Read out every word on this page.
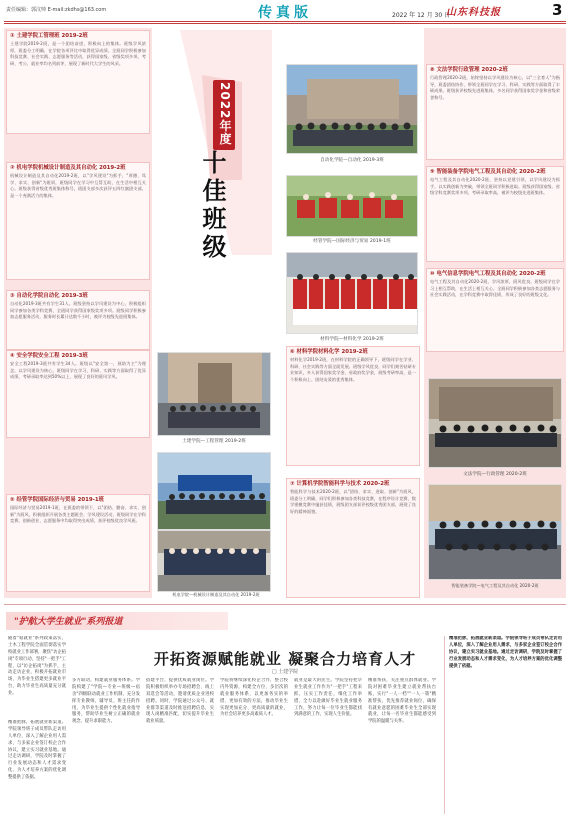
责任编辑：郭汶帅 E-mail:zkdhs@163.com	传真版	2022 年 12 月 30 日
山东科技报	3
① 土建学院工管理班 2019-2班
土建学院2019-2班，是一个团结奋进、积极向上的集体。班级学风浓厚，班委分工明确，在学院各项评比中取得优异成绩。全班同学积极参加科技竞赛、社会实践、志愿服务等活动，获得国家级、省级奖项多项。考研、考公、就业率均名列前茅，展现了新时代大学生的风采。
② 机电学院机械设计制造及其自动化 2019-2班
机械设计制造及其自动化2019-2班，以"学风建设"为抓手，"厚德、笃学、求实、创新"为班训，班级同学在学习中互帮互助，在生活中相互关心。班级获得省级优秀班集体称号，班团支部多次获评五四红旗团支部，是一个充满活力的集体。
③ 自动化学院自动化 2019-3班
自动化2019-3班共有学生31人。班级坚持以学风建设为中心，积极组织同学参加各类学科竞赛，全班同学获得国家级奖项多项。班级同学积极参加志愿服务活动，服务时长累计达数千小时，被评为校级先进班集体。
④ 安全学院安全工程 2019-3班
安全工程2019-3班共有学生34人。班级以"安全第一，预防为主"为理念，以学风建设为核心，班级同学在学习、科研、实践等方面取得了优异成绩，考研录取率达到50%以上，展现了良好的班风学风。
⑤ 经管学院国际经济与贸易 2019-1班
国际经济与贸易2019-1班，在班委的带领下，以"团结、勤奋、求实、创新"为班风，积极组织开展各类主题班会、学风建设活动，班级同学在学科竞赛、创新创业、志愿服务中均取得突出成绩，获评校级优良学风班。
2022年度
十佳班级
土建学院—工程管理 2019-2班
机电学院—机械设计制造及其自动化 2019-2班
自动化学院—自动化 2019-3班
经管学院—国际经济与贸易 2019-1班
材料学院—材料化学 2019-2班
⑥ 材料学院材料化学 2019-2班
材料化学2019-2班，在材料学院的正确领导下，班级同学在学业、科研、社会实践等方面全面发展。班级学风优良，同学们刻苦钻研专业知识，多人获得国家奖学金、省政府奖学金，班级考研率高，是一个积极向上、团结友爱的优秀集体。
⑦ 计算机学院智能科学与技术 2020-2班
智能科学与技术2020-2班，以"团结、求实、进取、创新"为班风，班委分工明确，同学们积极参加各类科技竞赛，在程序设计竞赛、数学建模竞赛中屡获佳绩，班级团支部获评校级优秀团支部，展现了良好的精神面貌。
⑧ 文法学院行政管理 2020-2班
行政管理2020-2班，始终坚持以学风建设为核心，以"三全育人"为指导，班委团结协作，带领全班同学在学习、科研、实践等方面取得了丰硕成果。班级获评校级先进班集体，多名同学获得国家奖学金和省级荣誉称号。
⑨ 智能装备学院电气工程及其自动化 2020-2班
电气工程及其自动化2020-2班，坚持以党建引领，以学风建设为抓手，以实践创新为突破，带领全班同学积极进取。班级获得国家级、省级学科竞赛奖项多项，考研录取率高，被评为校级先进班集体。
⑩ 电气信息学院电气工程及其自动化 2020-2班
电气工程及其自动化2020-2班，学风浓厚，班风优良。班级同学在学习上相互帮助，在生活上相互关心。全班同学积极参加各类志愿服务与社会实践活动，在学科竞赛中取得佳绩，形成了良好的班级文化。
文法学院—行政管理 2020-2班
智能装备学院—电气工程及其自动化 2020-2班
"护航大学生就业"系列报道
开拓资源赋能就业 凝聚合力培育人才
□ 土建学院
随着"稳就业"系列政策落实，土木工程学院全面贯彻落实学校就业工作部署，聚焦"访企拓岗"专项行动，坚持"一把手"工程，以"访企拓岗"为抓手，主动走访企业，积极开拓就业市场，为毕业生搭建更多就业平台，助力毕业生高质量充分就业。
精准把脉，拓展就业新渠道。学院领导班子成员带队走访用人单位，深入了解企业用人需求，与多家企业签订校企合作协议，建立实习就业基地。通过走访调研，学院及时掌握了行业发展动态和人才需求变化，为人才培养方案的优化调整提供了依据。
多方联动，构建就业服务体系。学院构建了"学院—专业—班级—宿舍"四级联动就业工作机制，充分发挥专业教师、辅导员、班主任的作用，为毕业生提供个性化就业指导服务，帮助毕业生树立正确的就业观念，提升求职能力。
搭建平台，提供优质就业岗位。学院积极组织举办专场招聘会、线上双选会等活动，邀请优质企业进校招聘。同时，学院通过公众号、就业群等渠道及时推送招聘信息，实现人岗精准匹配，切实提升毕业生就业质量。
学院将继续深化校企合作，整合校内外资源，构建全方位、多层次的就业服务体系，以更加务实的举措、更加有效的方法，推动毕业生实现更加充分、更高质量的就业，为社会培养更多高素质人才。
就业是最大的民生。学院坚持把毕业生就业工作作为"一把手"工程来抓，压实工作责任，细化工作举措，全力以赴做好毕业生就业服务工作，努力让每一位毕业生都能找到满意的工作，实现人生价值。
精准帮扶，关注重点群体就业。学院对困难毕业生建立就业帮扶台账，实行"一人一档""一人一策"精准帮扶，优先推荐就业岗位，确保有就业意愿的困难毕业生全部实现就业，让每一名毕业生都能感受到学院的温暖与关怀。
精准把脉，拓展就业新渠道。学院领导班子成员带队走访用人单位，深入了解企业用人需求，与多家企业签订校企合作协议，建立实习就业基地。通过走访调研，学院及时掌握了行业发展动态和人才需求变化，为人才培养方案的优化调整提供了依据。
